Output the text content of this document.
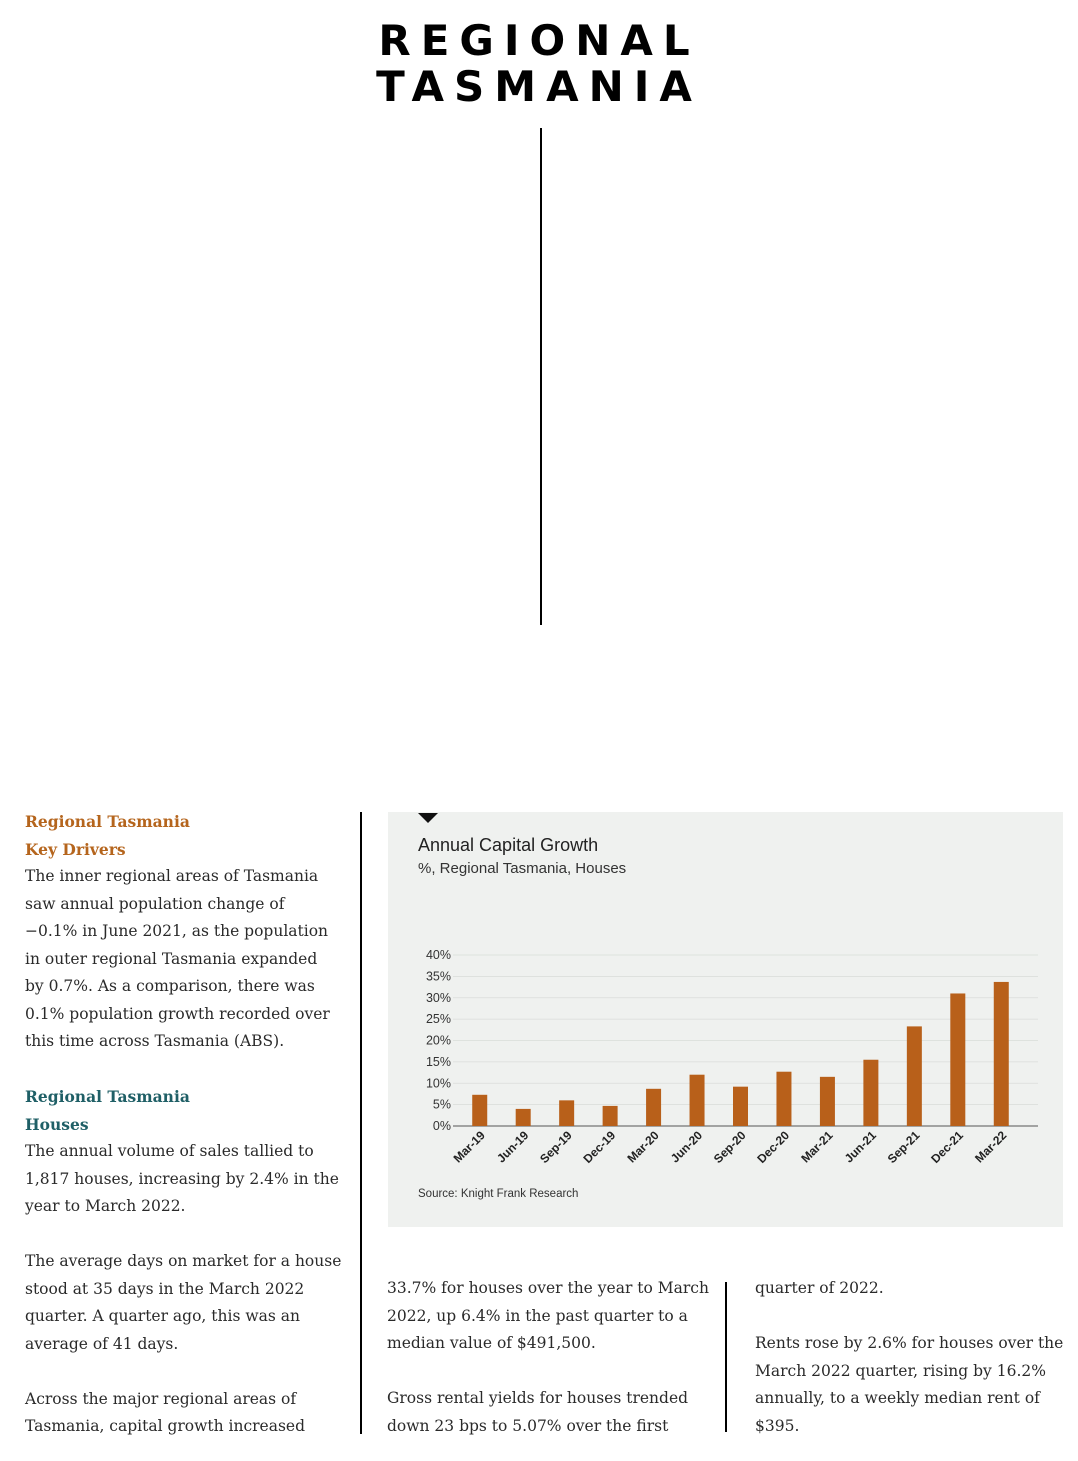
REGIONAL
TASMANIA

Regional Tasmania

Key Drivers

The inner regional areas of Tasmania

saw annual population change of

−0.1% in June 2021, as the population

in outer regional Tasmania expanded

by 0.7%. As a comparison, there was

0.1% population growth recorded over

this time across Tasmania (ABS).

Regional Tasmania

Houses

The annual volume of sales tallied to

1,817 houses, increasing by 2.4% in the

year to March 2022.

The average days on market for a house

stood at 35 days in the March 2022

quarter. A quarter ago, this was an

average of 41 days.

Across the major regional areas of

Tasmania, capital growth increased

Annual Capital Growth
%, Regional Tasmania, Houses
0%
5%
10%
15%
20%
25%
30%
35%
40%
Mar-19 Jun-19 Sep-19 Dec-19 Mar-20 Jun-20 Sep-20 Dec-20 Mar-21 Jun-21 Sep-21 Dec-21 Mar-22
Source: Knight Frank Research

33.7% for houses over the year to March

2022, up 6.4% in the past quarter to a

median value of $491,500.

Gross rental yields for houses trended

down 23 bps to 5.07% over the first

quarter of 2022.

Rents rose by 2.6% for houses over the

March 2022 quarter, rising by 16.2%

annually, to a weekly median rent of

$395.
